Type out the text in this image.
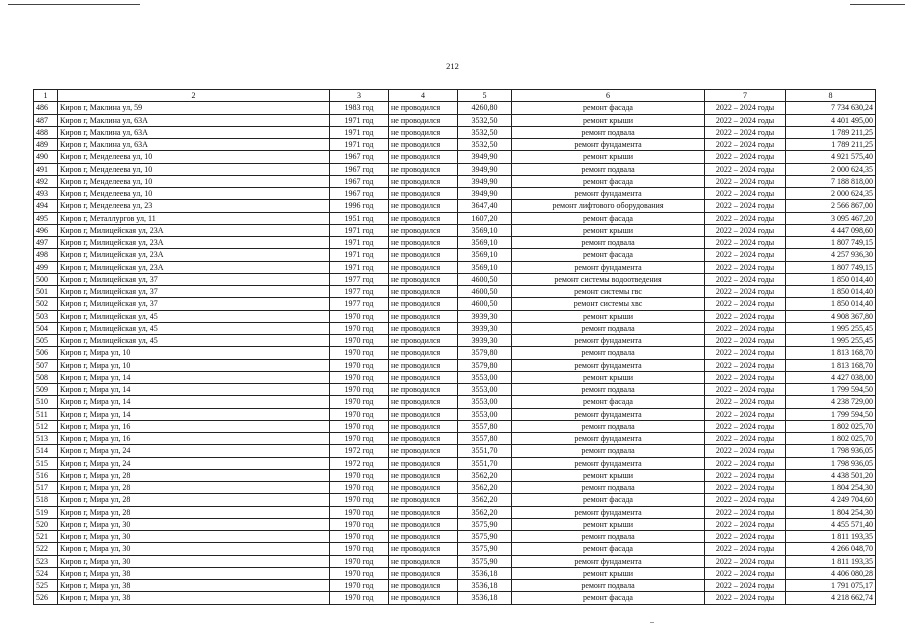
212
1	2	3	4	5	6	7	8
486	Киров г, Маклина ул, 59	1983 год	не проводился	4260,80	ремонт фасада	2022 – 2024 годы	7 734 630,24
487	Киров г, Маклина ул, 63А	1971 год	не проводился	3532,50	ремонт крыши	2022 – 2024 годы	4 401 495,00
488	Киров г, Маклина ул, 63А	1971 год	не проводился	3532,50	ремонт подвала	2022 – 2024 годы	1 789 211,25
489	Киров г, Маклина ул, 63А	1971 год	не проводился	3532,50	ремонт фундамента	2022 – 2024 годы	1 789 211,25
490	Киров г, Менделеева ул, 10	1967 год	не проводился	3949,90	ремонт крыши	2022 – 2024 годы	4 921 575,40
491	Киров г, Менделеева ул, 10	1967 год	не проводился	3949,90	ремонт подвала	2022 – 2024 годы	2 000 624,35
492	Киров г, Менделеева ул, 10	1967 год	не проводился	3949,90	ремонт фасада	2022 – 2024 годы	7 188 818,00
493	Киров г, Менделеева ул, 10	1967 год	не проводился	3949,90	ремонт фундамента	2022 – 2024 годы	2 000 624,35
494	Киров г, Менделеева ул, 23	1996 год	не проводился	3647,40	ремонт лифтового оборудования	2022 – 2024 годы	2 566 867,00
495	Киров г, Металлургов ул, 11	1951 год	не проводился	1607,20	ремонт фасада	2022 – 2024 годы	3 095 467,20
496	Киров г, Милицейская ул, 23А	1971 год	не проводился	3569,10	ремонт крыши	2022 – 2024 годы	4 447 098,60
497	Киров г, Милицейская ул, 23А	1971 год	не проводился	3569,10	ремонт подвала	2022 – 2024 годы	1 807 749,15
498	Киров г, Милицейская ул, 23А	1971 год	не проводился	3569,10	ремонт фасада	2022 – 2024 годы	4 257 936,30
499	Киров г, Милицейская ул, 23А	1971 год	не проводился	3569,10	ремонт фундамента	2022 – 2024 годы	1 807 749,15
500	Киров г, Милицейская ул, 37	1977 год	не проводился	4600,50	ремонт системы водоотведения	2022 – 2024 годы	1 850 014,40
501	Киров г, Милицейская ул, 37	1977 год	не проводился	4600,50	ремонт системы гвс	2022 – 2024 годы	1 850 014,40
502	Киров г, Милицейская ул, 37	1977 год	не проводился	4600,50	ремонт системы хвс	2022 – 2024 годы	1 850 014,40
503	Киров г, Милицейская ул, 45	1970 год	не проводился	3939,30	ремонт крыши	2022 – 2024 годы	4 908 367,80
504	Киров г, Милицейская ул, 45	1970 год	не проводился	3939,30	ремонт подвала	2022 – 2024 годы	1 995 255,45
505	Киров г, Милицейская ул, 45	1970 год	не проводился	3939,30	ремонт фундамента	2022 – 2024 годы	1 995 255,45
506	Киров г, Мира ул, 10	1970 год	не проводился	3579,80	ремонт подвала	2022 – 2024 годы	1 813 168,70
507	Киров г, Мира ул, 10	1970 год	не проводился	3579,80	ремонт фундамента	2022 – 2024 годы	1 813 168,70
508	Киров г, Мира ул, 14	1970 год	не проводился	3553,00	ремонт крыши	2022 – 2024 годы	4 427 038,00
509	Киров г, Мира ул, 14	1970 год	не проводился	3553,00	ремонт подвала	2022 – 2024 годы	1 799 594,50
510	Киров г, Мира ул, 14	1970 год	не проводился	3553,00	ремонт фасада	2022 – 2024 годы	4 238 729,00
511	Киров г, Мира ул, 14	1970 год	не проводился	3553,00	ремонт фундамента	2022 – 2024 годы	1 799 594,50
512	Киров г, Мира ул, 16	1970 год	не проводился	3557,80	ремонт подвала	2022 – 2024 годы	1 802 025,70
513	Киров г, Мира ул, 16	1970 год	не проводился	3557,80	ремонт фундамента	2022 – 2024 годы	1 802 025,70
514	Киров г, Мира ул, 24	1972 год	не проводился	3551,70	ремонт подвала	2022 – 2024 годы	1 798 936,05
515	Киров г, Мира ул, 24	1972 год	не проводился	3551,70	ремонт фундамента	2022 – 2024 годы	1 798 936,05
516	Киров г, Мира ул, 28	1970 год	не проводился	3562,20	ремонт крыши	2022 – 2024 годы	4 438 501,20
517	Киров г, Мира ул, 28	1970 год	не проводился	3562,20	ремонт подвала	2022 – 2024 годы	1 804 254,30
518	Киров г, Мира ул, 28	1970 год	не проводился	3562,20	ремонт фасада	2022 – 2024 годы	4 249 704,60
519	Киров г, Мира ул, 28	1970 год	не проводился	3562,20	ремонт фундамента	2022 – 2024 годы	1 804 254,30
520	Киров г, Мира ул, 30	1970 год	не проводился	3575,90	ремонт крыши	2022 – 2024 годы	4 455 571,40
521	Киров г, Мира ул, 30	1970 год	не проводился	3575,90	ремонт подвала	2022 – 2024 годы	1 811 193,35
522	Киров г, Мира ул, 30	1970 год	не проводился	3575,90	ремонт фасада	2022 – 2024 годы	4 266 048,70
523	Киров г, Мира ул, 30	1970 год	не проводился	3575,90	ремонт фундамента	2022 – 2024 годы	1 811 193,35
524	Киров г, Мира ул, 38	1970 год	не проводился	3536,18	ремонт крыши	2022 – 2024 годы	4 406 080,28
525	Киров г, Мира ул, 38	1970 год	не проводился	3536,18	ремонт подвала	2022 – 2024 годы	1 791 075,17
526	Киров г, Мира ул, 38	1970 год	не проводился	3536,18	ремонт фасада	2022 – 2024 годы	4 218 662,74
